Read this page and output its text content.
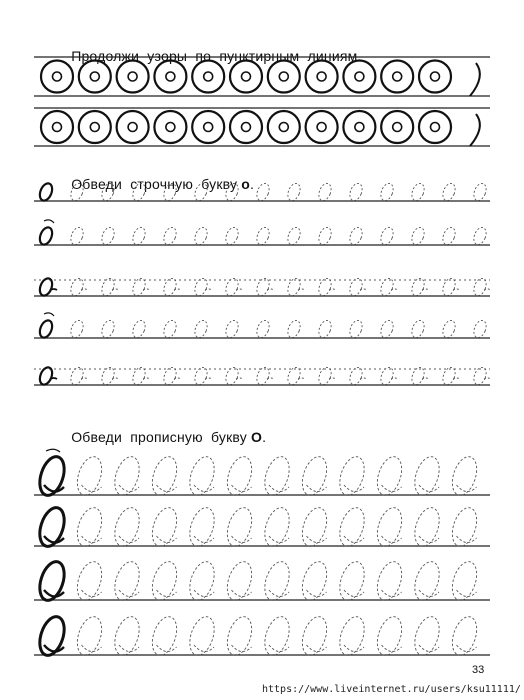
Продолжи  узоры  по  пунктирным  линиям.

Обведи  строчную  букву о.

Обведи  прописную  букву О.

33
https://www.liveinternet.ru/users/ksu11111/
